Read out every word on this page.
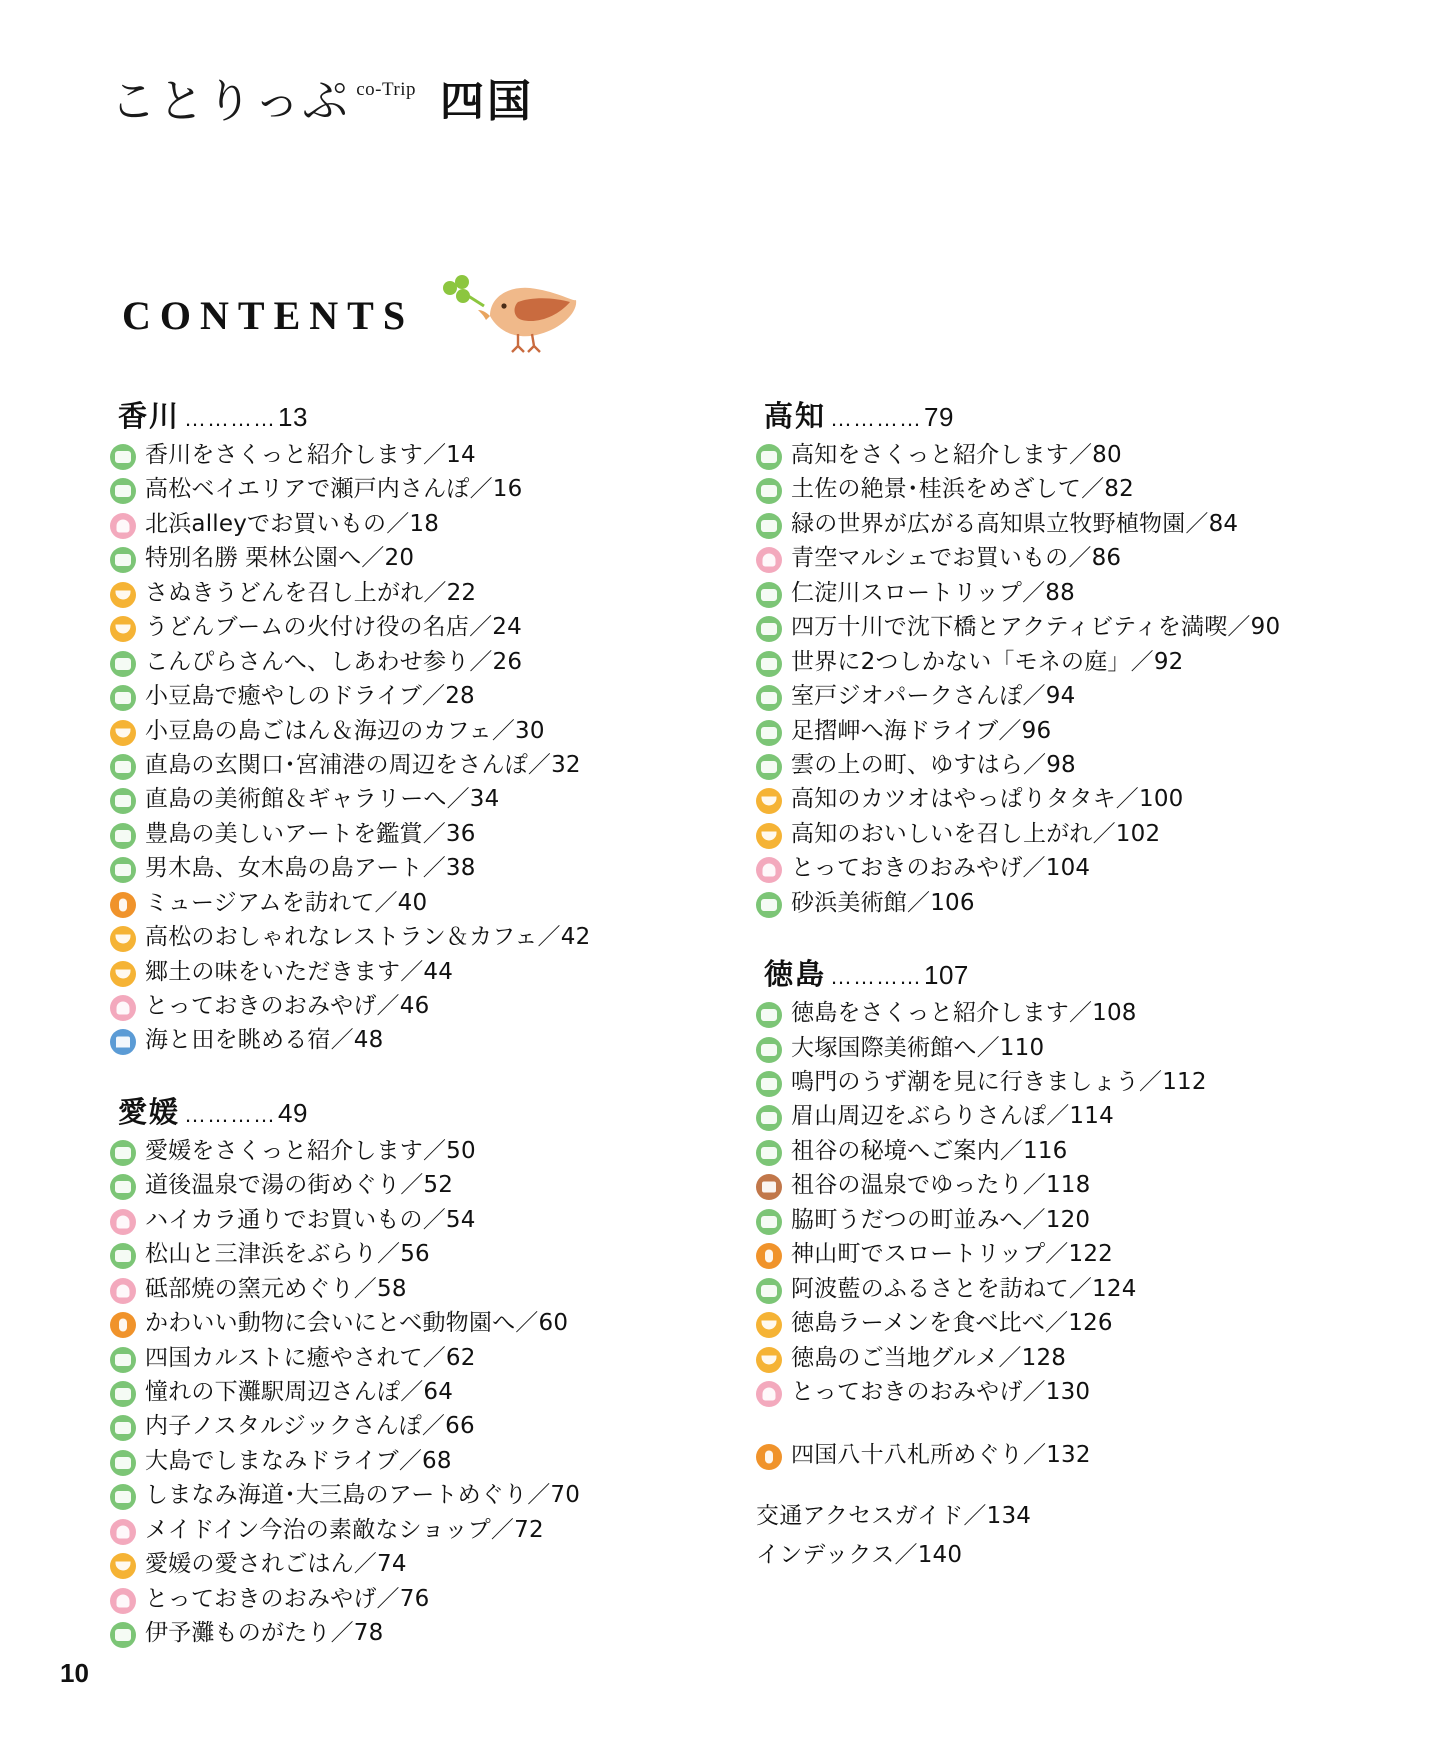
ことりっぷ co-Trip 四国
CONTENTS
香川 ………… 13
香川をさくっと紹介します／14
高松ベイエリアで瀬戸内さんぽ／16
北浜alleyでお買いもの／18
特別名勝 栗林公園へ／20
さぬきうどんを召し上がれ／22
うどんブームの火付け役の名店／24
こんぴらさんへ、しあわせ参り／26
小豆島で癒やしのドライブ／28
小豆島の島ごはん＆海辺のカフェ／30
直島の玄関口･宮浦港の周辺をさんぽ／32
直島の美術館＆ギャラリーへ／34
豊島の美しいアートを鑑賞／36
男木島、女木島の島アート／38
ミュージアムを訪れて／40
高松のおしゃれなレストラン＆カフェ／42
郷土の味をいただきます／44
とっておきのおみやげ／46
海と田を眺める宿／48
愛媛 ………… 49
愛媛をさくっと紹介します／50
道後温泉で湯の街めぐり／52
ハイカラ通りでお買いもの／54
松山と三津浜をぶらり／56
砥部焼の窯元めぐり／58
かわいい動物に会いにとべ動物園へ／60
四国カルストに癒やされて／62
憧れの下灘駅周辺さんぽ／64
内子ノスタルジックさんぽ／66
大島でしまなみドライブ／68
しまなみ海道･大三島のアートめぐり／70
メイドイン今治の素敵なショップ／72
愛媛の愛されごはん／74
とっておきのおみやげ／76
伊予灘ものがたり／78
高知 ………… 79
高知をさくっと紹介します／80
土佐の絶景･桂浜をめざして／82
緑の世界が広がる高知県立牧野植物園／84
青空マルシェでお買いもの／86
仁淀川スロートリップ／88
四万十川で沈下橋とアクティビティを満喫／90
世界に2つしかない「モネの庭」／92
室戸ジオパークさんぽ／94
足摺岬へ海ドライブ／96
雲の上の町、ゆすはら／98
高知のカツオはやっぱりタタキ／100
高知のおいしいを召し上がれ／102
とっておきのおみやげ／104
砂浜美術館／106
徳島 ………… 107
徳島をさくっと紹介します／108
大塚国際美術館へ／110
鳴門のうず潮を見に行きましょう／112
眉山周辺をぶらりさんぽ／114
祖谷の秘境へご案内／116
祖谷の温泉でゆったり／118
脇町うだつの町並みへ／120
神山町でスロートリップ／122
阿波藍のふるさとを訪ねて／124
徳島ラーメンを食べ比べ／126
徳島のご当地グルメ／128
とっておきのおみやげ／130
四国八十八札所めぐり／132
交通アクセスガイド／134
インデックス／140
10
